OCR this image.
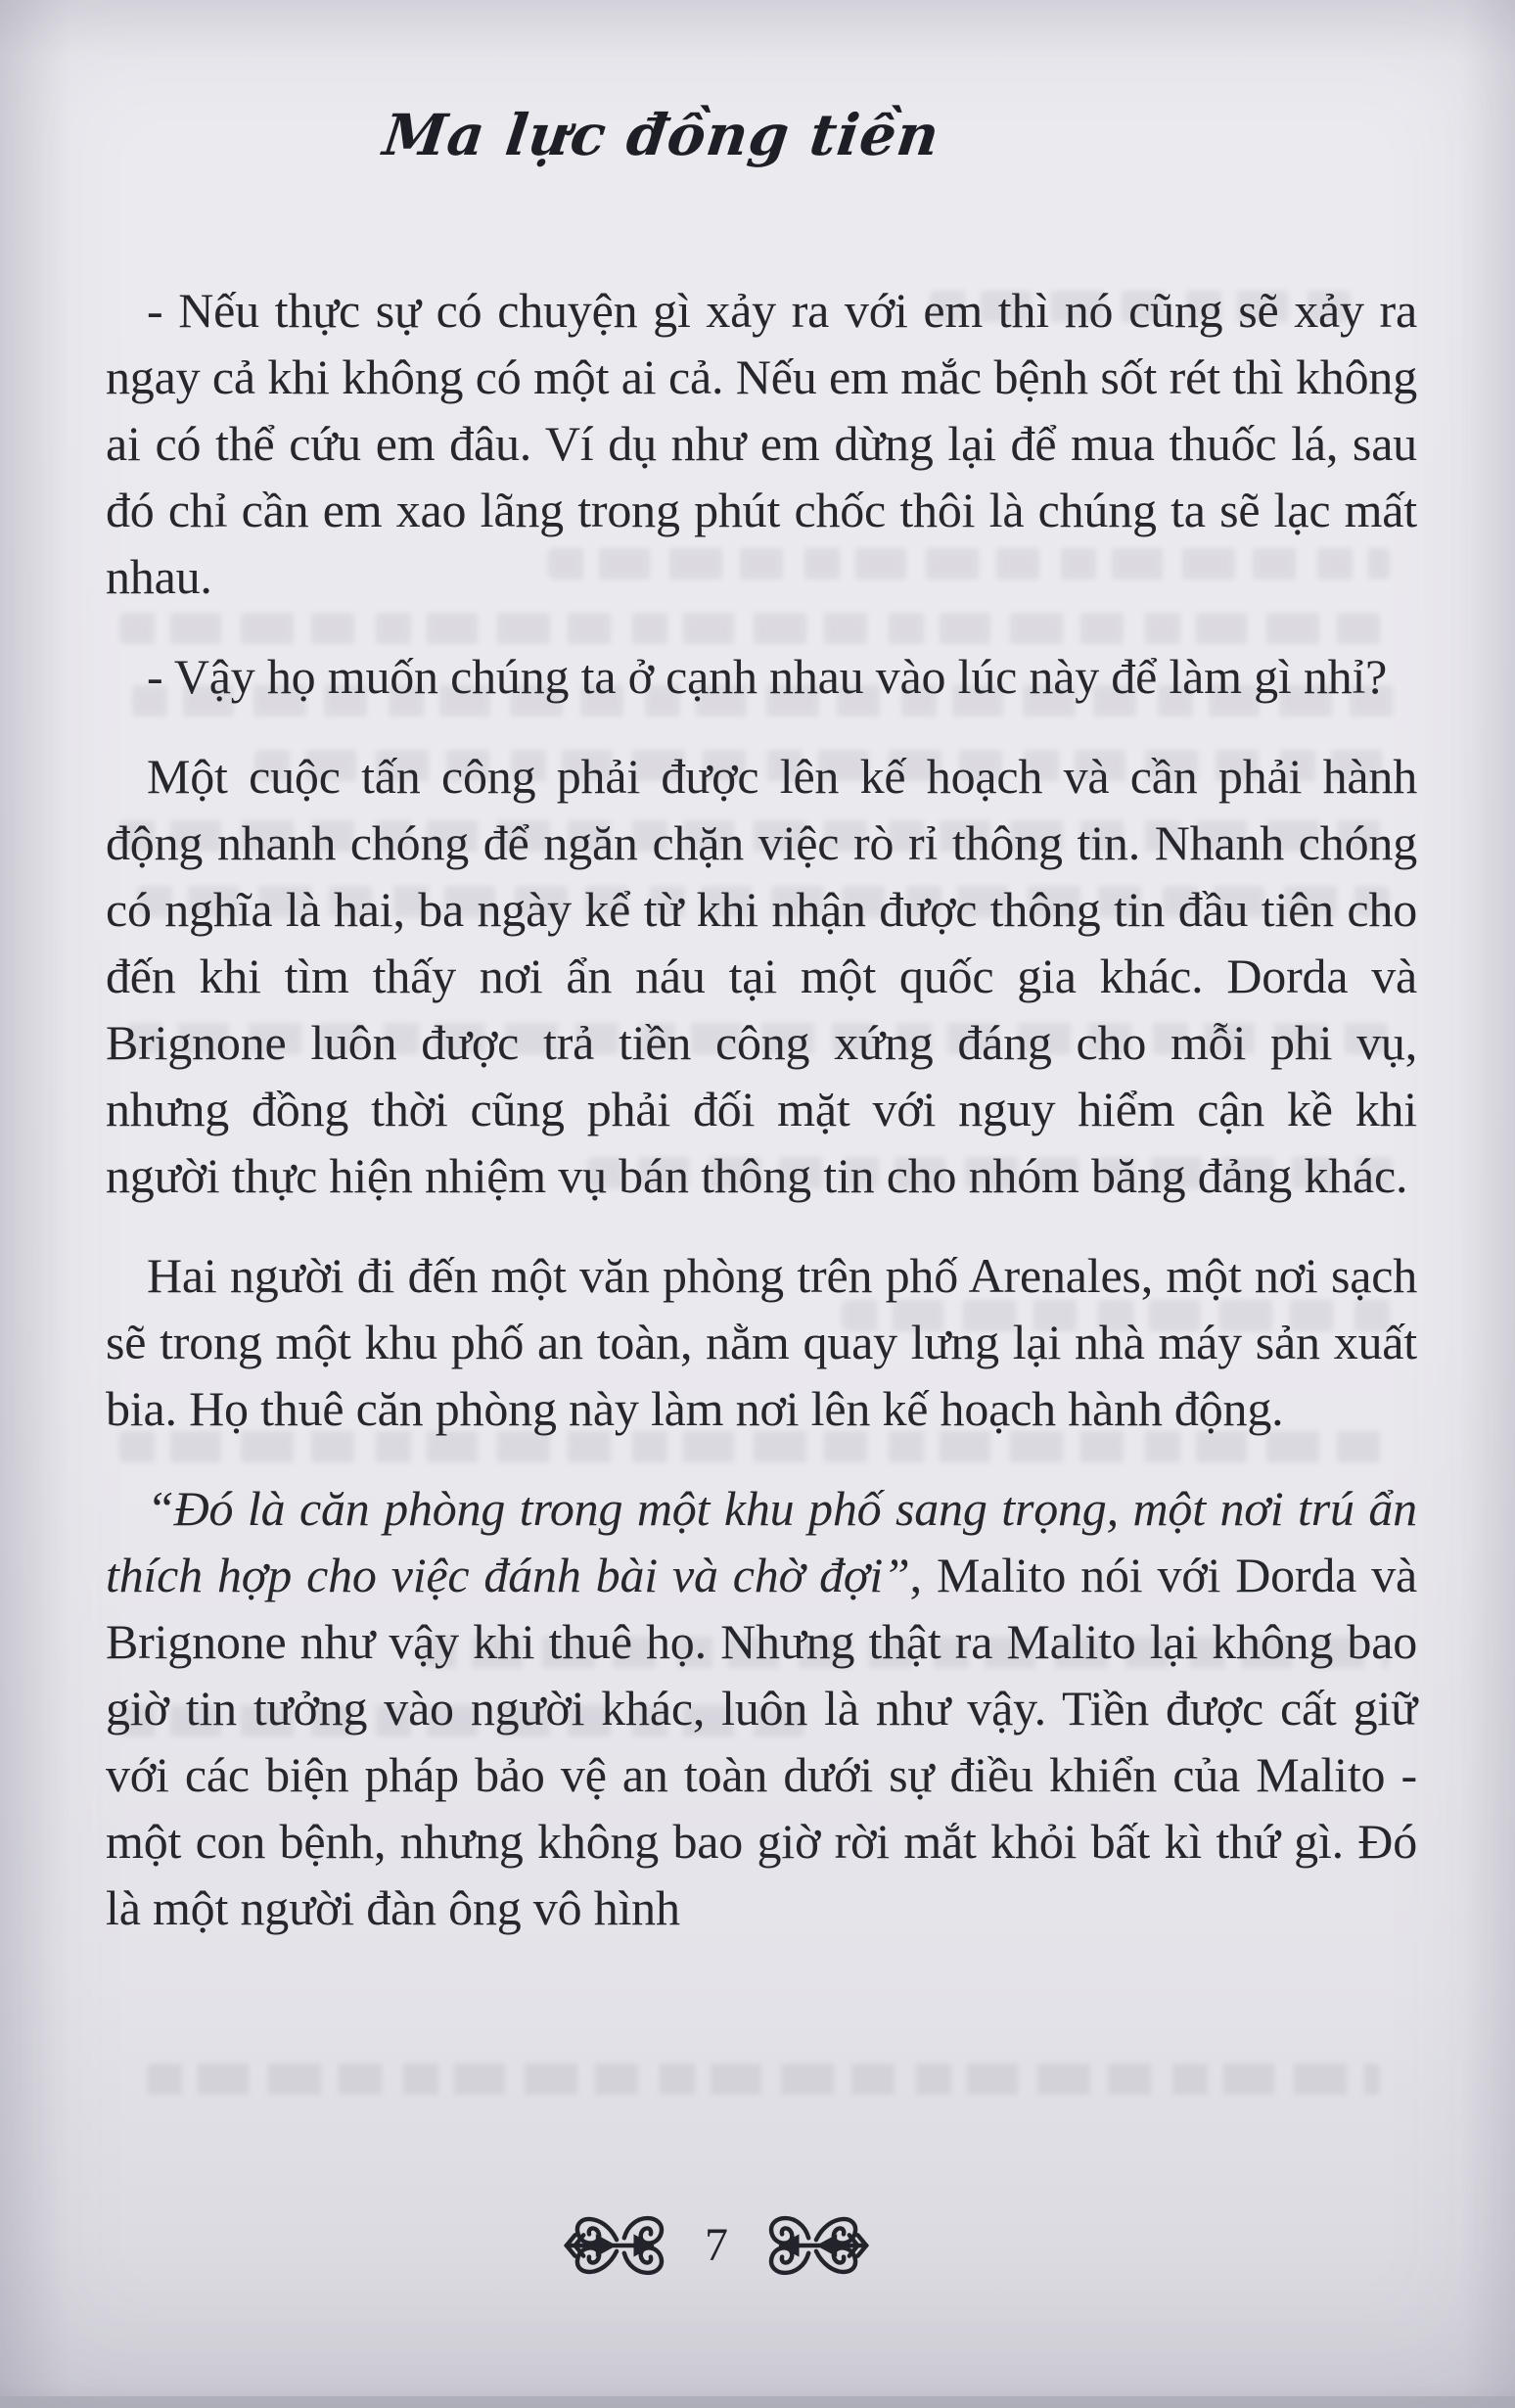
Ma lực đồng tiền

- Nếu thực sự có chuyện gì xảy ra với em thì nó cũng sẽ xảy ra ngay cả khi không có một ai cả. Nếu em mắc bệnh sốt rét thì không ai có thể cứu em đâu. Ví dụ như em dừng lại để mua thuốc lá, sau đó chỉ cần em xao lãng trong phút chốc thôi là chúng ta sẽ lạc mất nhau.

- Vậy họ muốn chúng ta ở cạnh nhau vào lúc này để làm gì nhỉ?

Một cuộc tấn công phải được lên kế hoạch và cần phải hành động nhanh chóng để ngăn chặn việc rò rỉ thông tin. Nhanh chóng có nghĩa là hai, ba ngày kể từ khi nhận được thông tin đầu tiên cho đến khi tìm thấy nơi ẩn náu tại một quốc gia khác. Dorda và Brignone luôn được trả tiền công xứng đáng cho mỗi phi vụ, nhưng đồng thời cũng phải đối mặt với nguy hiểm cận kề khi người thực hiện nhiệm vụ bán thông tin cho nhóm băng đảng khác.

Hai người đi đến một văn phòng trên phố Arenales, một nơi sạch sẽ trong một khu phố an toàn, nằm quay lưng lại nhà máy sản xuất bia. Họ thuê căn phòng này làm nơi lên kế hoạch hành động.

“Đó là căn phòng trong một khu phố sang trọng, một nơi trú ẩn thích hợp cho việc đánh bài và chờ đợi”, Malito nói với Dorda và Brignone như vậy khi thuê họ. Nhưng thật ra Malito lại không bao giờ tin tưởng vào người khác, luôn là như vậy. Tiền được cất giữ với các biện pháp bảo vệ an toàn dưới sự điều khiển của Malito - một con bệnh, nhưng không bao giờ rời mắt khỏi bất kì thứ gì. Đó là một người đàn ông vô hình

7
